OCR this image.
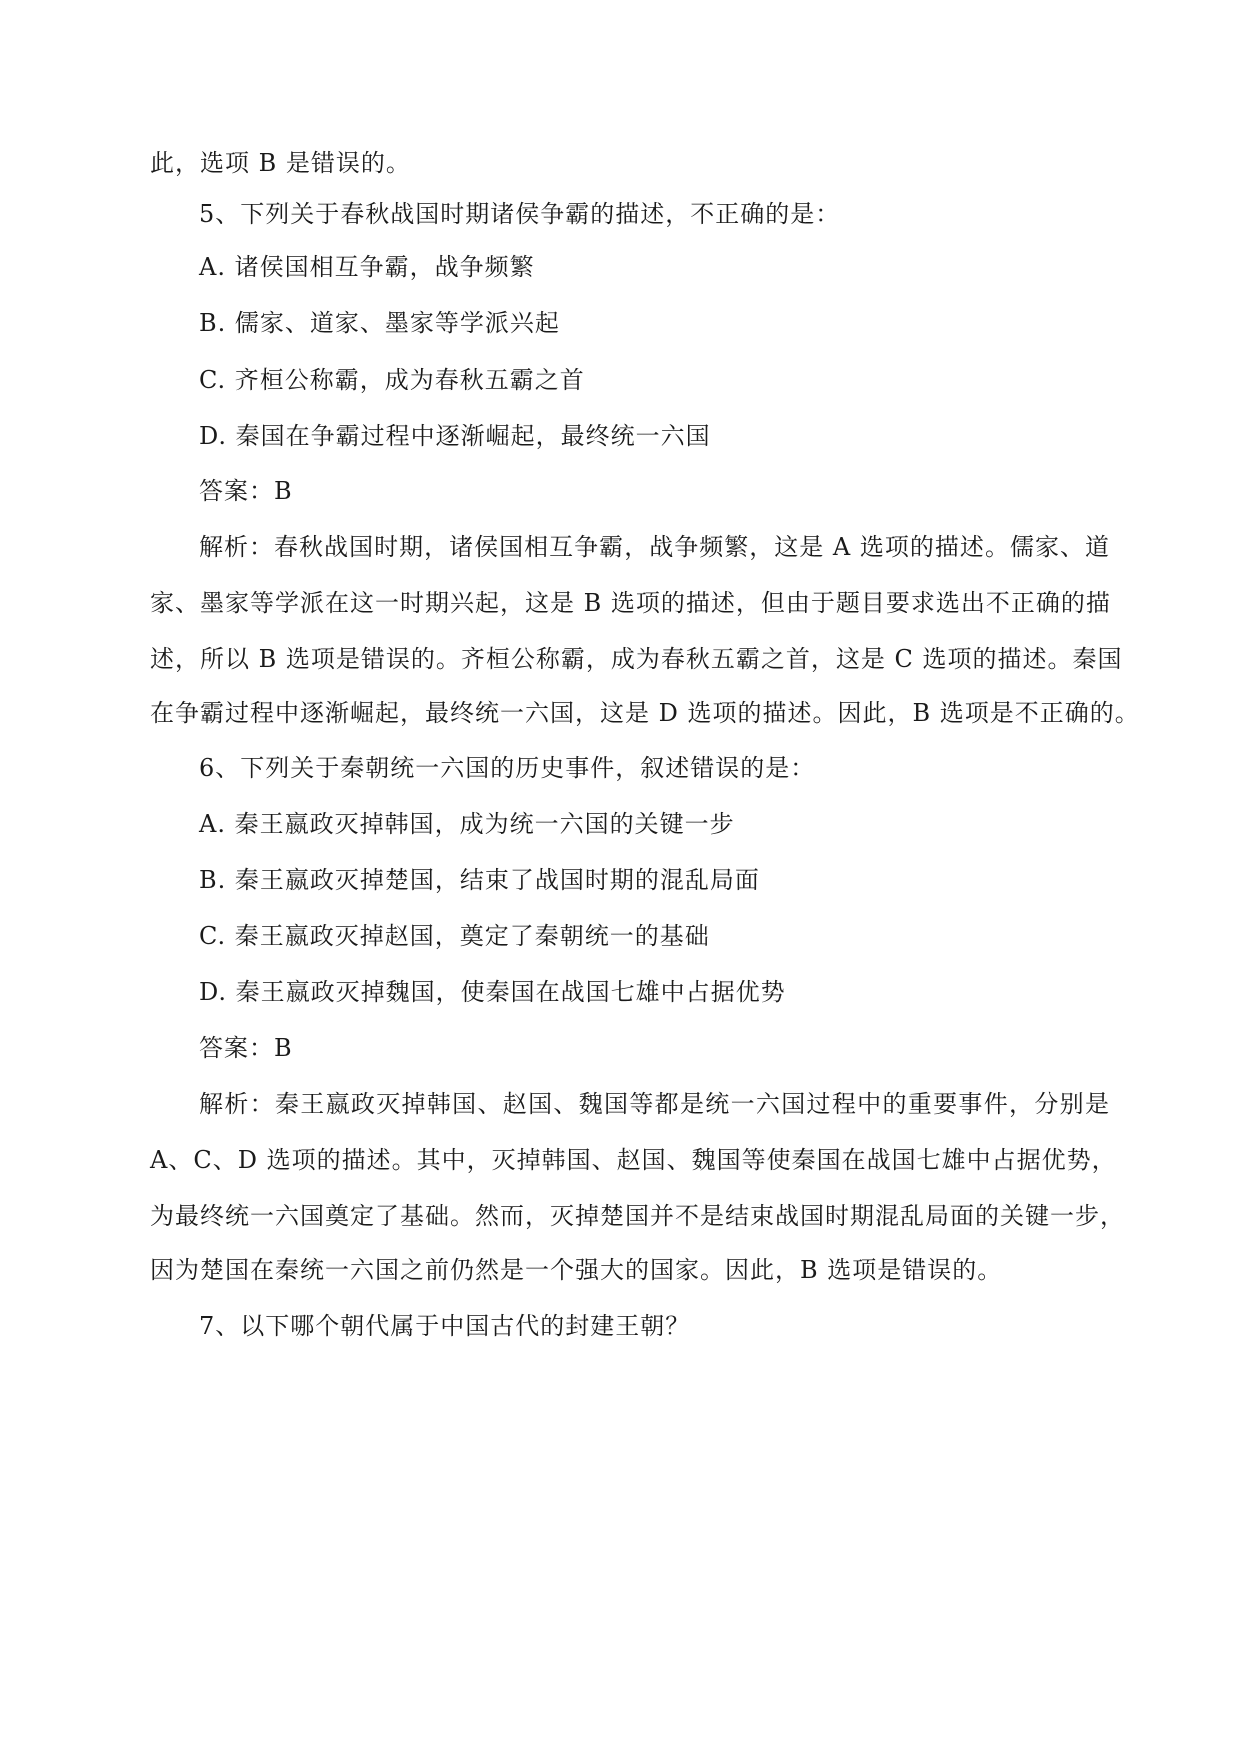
此，选项 B 是错误的。
5、下列关于春秋战国时期诸侯争霸的描述，不正确的是：
A. 诸侯国相互争霸，战争频繁
B. 儒家、道家、墨家等学派兴起
C. 齐桓公称霸，成为春秋五霸之首
D. 秦国在争霸过程中逐渐崛起，最终统一六国
答案：B
解析：春秋战国时期，诸侯国相互争霸，战争频繁，这是 A 选项的描述。儒家、道
家、墨家等学派在这一时期兴起，这是 B 选项的描述，但由于题目要求选出不正确的描
述，所以 B 选项是错误的。齐桓公称霸，成为春秋五霸之首，这是 C 选项的描述。秦国
在争霸过程中逐渐崛起，最终统一六国，这是 D 选项的描述。因此，B 选项是不正确的。
6、下列关于秦朝统一六国的历史事件，叙述错误的是：
A. 秦王嬴政灭掉韩国，成为统一六国的关键一步
B. 秦王嬴政灭掉楚国，结束了战国时期的混乱局面
C. 秦王嬴政灭掉赵国，奠定了秦朝统一的基础
D. 秦王嬴政灭掉魏国，使秦国在战国七雄中占据优势
答案：B
解析：秦王嬴政灭掉韩国、赵国、魏国等都是统一六国过程中的重要事件，分别是
A、C、D 选项的描述。其中，灭掉韩国、赵国、魏国等使秦国在战国七雄中占据优势，
为最终统一六国奠定了基础。然而，灭掉楚国并不是结束战国时期混乱局面的关键一步，
因为楚国在秦统一六国之前仍然是一个强大的国家。因此，B 选项是错误的。
7、以下哪个朝代属于中国古代的封建王朝？
